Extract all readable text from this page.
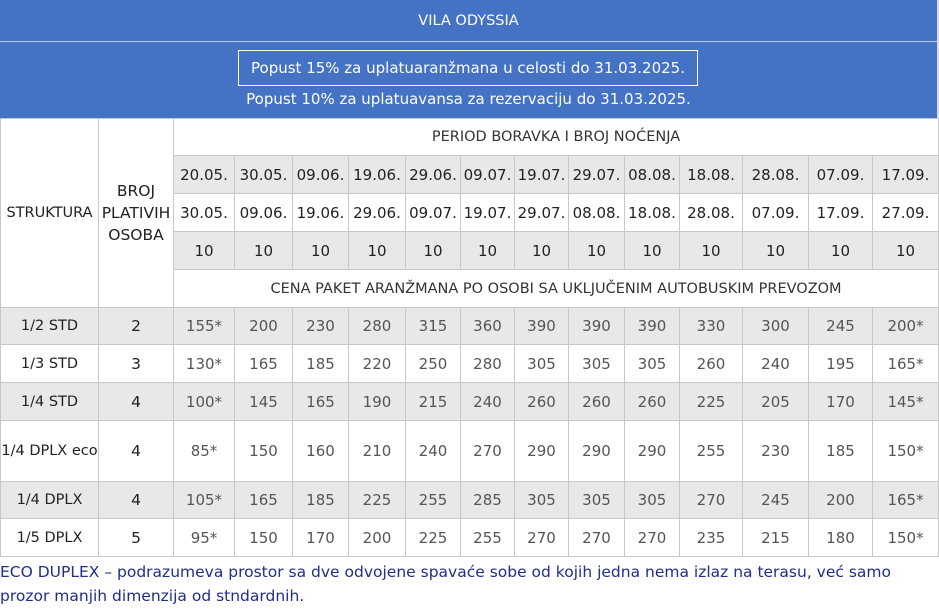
VILA ODYSSIA
Popust 15% za uplatuaranžmana u celosti do 31.03.2025.
Popust 10% za uplatuavansa za rezervaciju do 31.03.2025.
STRUKTURA	BROJ PLATIVIH OSOBA	PERIOD BORAVKA I BROJ NOĆENJA												
		20.05.	30.05.	09.06.	19.06.	29.06.	09.07.	19.07.	29.07.	08.08.	18.08.	28.08.	07.09.	17.09.
		30.05.	09.06.	19.06.	29.06.	09.07.	19.07.	29.07.	08.08.	18.08.	28.08.	07.09.	17.09.	27.09.
		10	10	10	10	10	10	10	10	10	10	10	10	10
		CENA PAKET ARANŽMANA PO OSOBI SA UKLJUČENIM AUTOBUSKIM PREVOZOM												
1/2 STD	2	155*	200	230	280	315	360	390	390	390	330	300	245	200*
1/3 STD	3	130*	165	185	220	250	280	305	305	305	260	240	195	165*
1/4 STD	4	100*	145	165	190	215	240	260	260	260	225	205	170	145*
1/4 DPLX eco	4	85*	150	160	210	240	270	290	290	290	255	230	185	150*
1/4 DPLX	4	105*	165	185	225	255	285	305	305	305	270	245	200	165*
1/5 DPLX	5	95*	150	170	200	225	255	270	270	270	235	215	180	150*
ECO DUPLEX – podrazumeva prostor sa dve odvojene spavaće sobe od kojih jedna nema izlaz na terasu, već samo prozor manjih dimenzija od stndardnih.
